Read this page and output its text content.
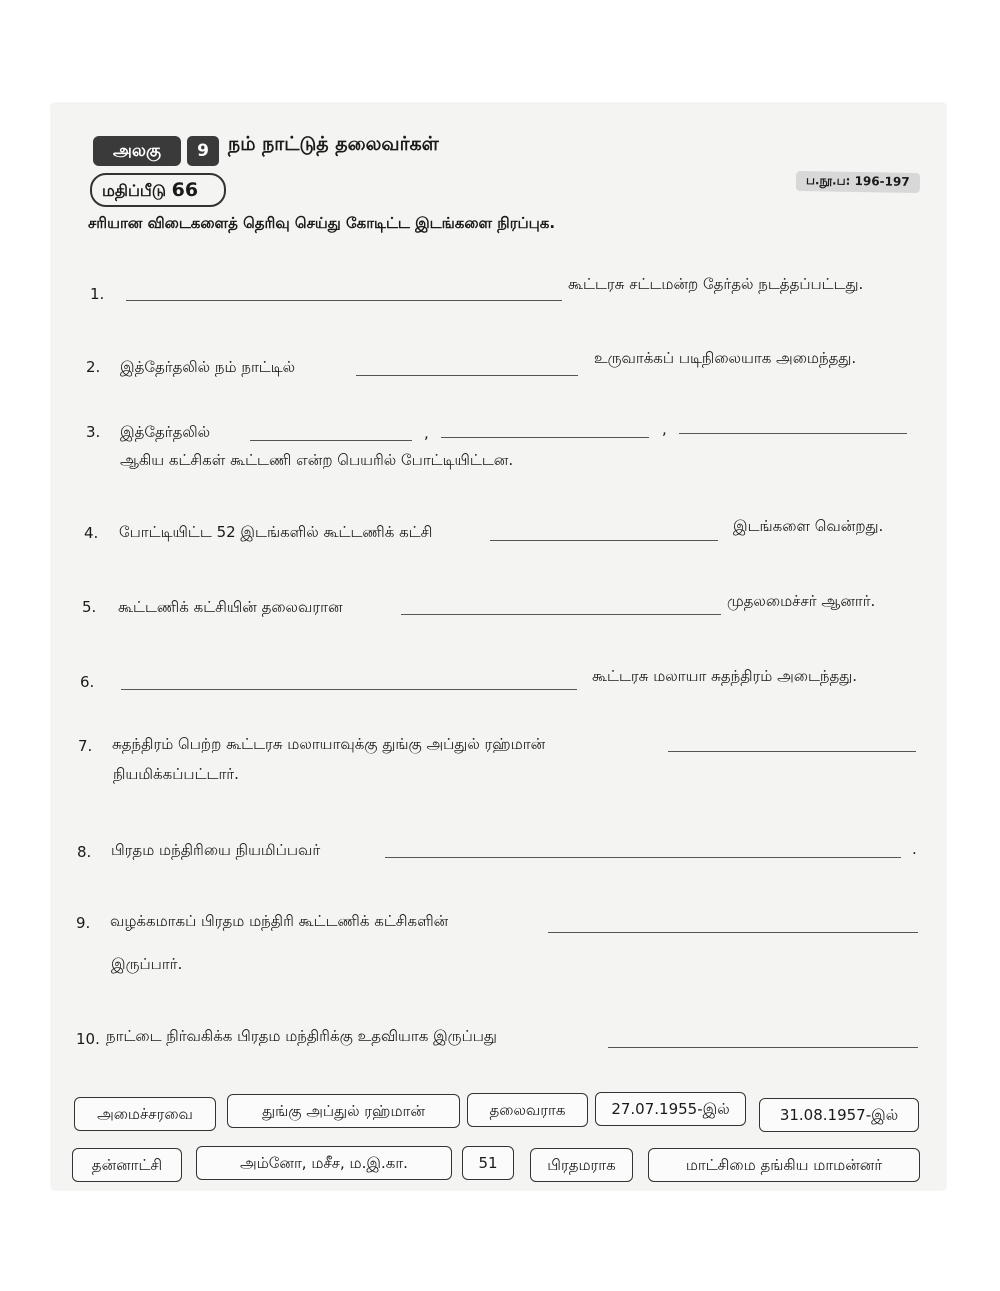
அலகு	9	நம் நாட்டுத் தலைவர்கள்
மதிப்பீடு 66	ப.நூ.ப: 196-197
சரியான விடைகளைத் தெரிவு செய்து கோடிட்ட இடங்களை நிரப்புக.
1.
கூட்டரசு சட்டமன்ற தேர்தல் நடத்தப்பட்டது.
2. இத்தேர்தலில் நம் நாட்டில்	உருவாக்கப் படிநிலையாக அமைந்தது.
3. இத்தேர்தலில்	,	,
ஆகிய கட்சிகள் கூட்டணி என்ற பெயரில் போட்டியிட்டன.
4. போட்டியிட்ட 52 இடங்களில் கூட்டணிக் கட்சி	இடங்களை வென்றது.
5. கூட்டணிக் கட்சியின் தலைவரான	முதலமைச்சர் ஆனார்.
6.	கூட்டரசு மலாயா சுதந்திரம் அடைந்தது.
7. சுதந்திரம் பெற்ற கூட்டரசு மலாயாவுக்கு துங்கு அப்துல் ரஹ்மான்
நியமிக்கப்பட்டார்.
8. பிரதம மந்திரியை நியமிப்பவர்	.
9. வழக்கமாகப் பிரதம மந்திரி கூட்டணிக் கட்சிகளின்
இருப்பார்.
10. நாட்டை நிர்வகிக்க பிரதம மந்திரிக்கு உதவியாக இருப்பது
அமைச்சரவை	துங்கு அப்துல் ரஹ்மான்	தலைவராக	27.07.1955-இல்	31.08.1957-இல்
தன்னாட்சி	அம்னோ, மசீச, ம.இ.கா.	51	பிரதமராக	மாட்சிமை தங்கிய மாமன்னர்
